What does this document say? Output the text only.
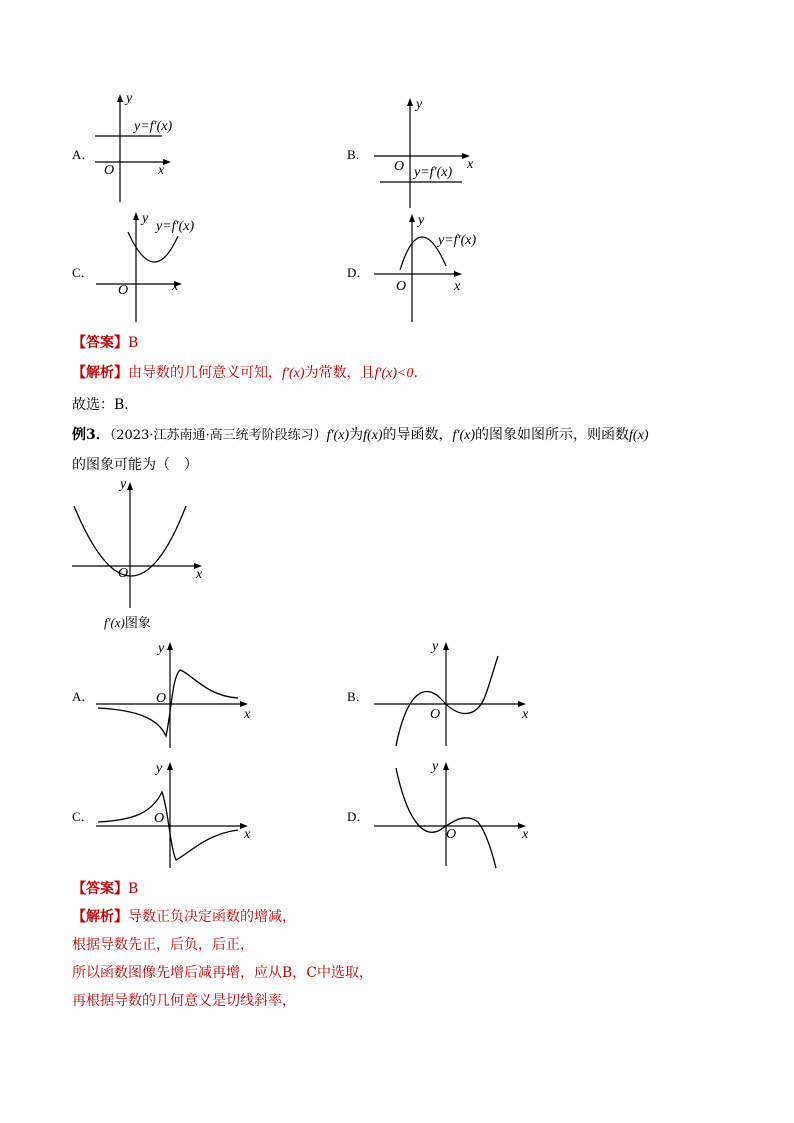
A．
y
y=f′(x)
O	x
B．
y
O	x
y=f′(x)
C．
y
y=f′(x)
O	x
D．
y
y=f′(x)
O	x
【答案】B
【解析】由导数的几何意义可知，f′(x)为常数，且f′(x)<0.
故选：B.
例3．（2023·江苏南通·高三统考阶段练习）f′(x)为f(x)的导函数，f′(x)的图象如图所示，则函数f(x)
的图象可能为（　）
y
O	x
f′(x)图象
A．
y
O
x
B．
y
O	x
C．
y
O
x
D．
y
O	x
【答案】B
【解析】导数正负决定函数的增减，
根据导数先正，后负，后正，
所以函数图像先增后减再增，应从B，C中选取，
再根据导数的几何意义是切线斜率，
